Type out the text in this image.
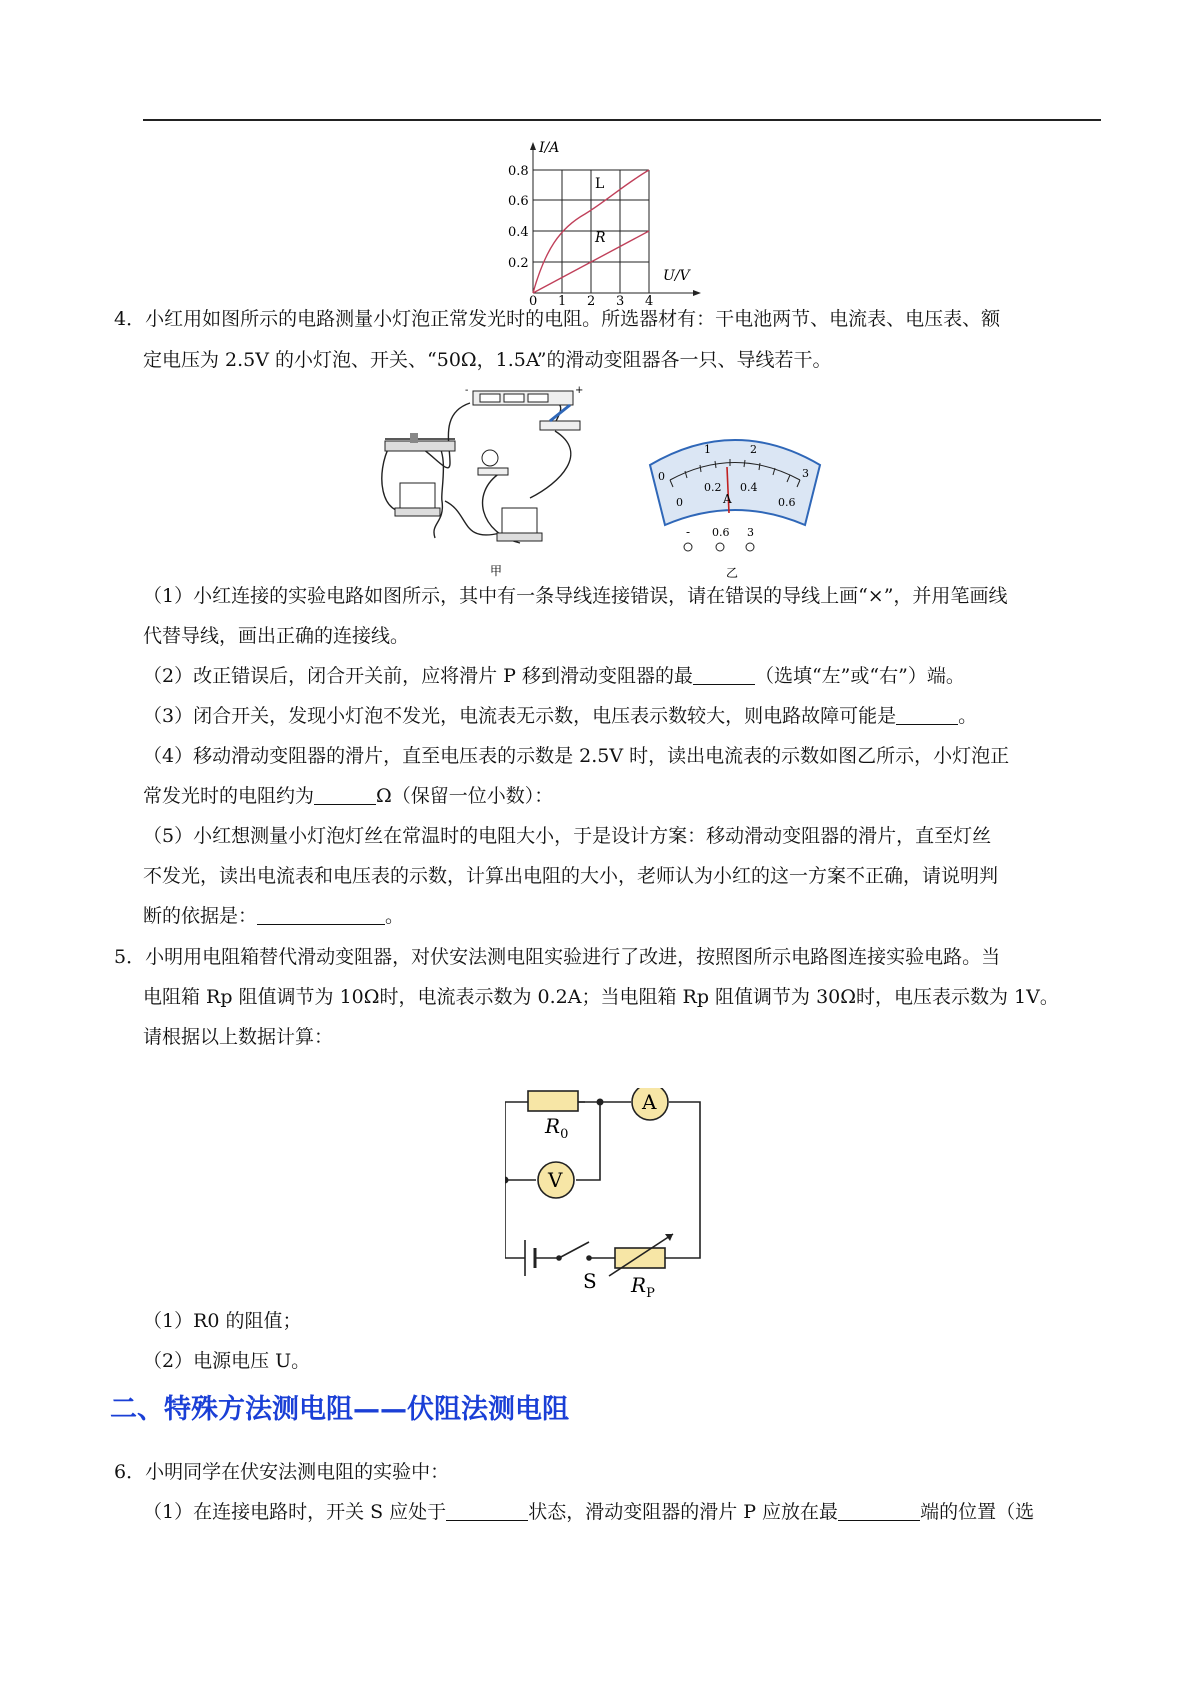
I/A
U/V
0.8
0.6
0.4
0.2
0 1 2 3 4
L
R
4．小红用如图所示的电路测量小灯泡正常发光时的电阻。所选器材有：干电池两节、电流表、电压表、额
定电压为 2.5V 的小灯泡、开关、“50Ω，1.5A”的滑动变阻器各一只、导线若干。
-	+
甲
0
1	2
3
0
0.2 0.4
0.6
A
- 0.6 3
乙
（1）小红连接的实验电路如图所示，其中有一条导线连接错误，请在错误的导线上画“×”，并用笔画线
代替导线，画出正确的连接线。
（2）改正错误后，闭合开关前，应将滑片 P 移到滑动变阻器的最	（选填“左”或“右”）端。
（3）闭合开关，发现小灯泡不发光，电流表无示数，电压表示数较大，则电路故障可能是	。
（4）移动滑动变阻器的滑片，直至电压表的示数是 2.5V 时，读出电流表的示数如图乙所示，小灯泡正
常发光时的电阻约为	Ω（保留一位小数）：
（5）小红想测量小灯泡灯丝在常温时的电阻大小，于是设计方案：移动滑动变阻器的滑片，直至灯丝
不发光，读出电流表和电压表的示数，计算出电阻的大小，老师认为小红的这一方案不正确，请说明判
断的依据是：	。
5．小明用电阻箱替代滑动变阻器，对伏安法测电阻实验进行了改进，按照图所示电路图连接实验电路。当
电阻箱 Rp 阻值调节为 10Ω时，电流表示数为 0.2A；当电阻箱 Rp 阻值调节为 30Ω时，电压表示数为 1V。
请根据以上数据计算：
A
V
$R_0$
S $R_P$
（1）R0 的阻值；
（2）电源电压 U。
二、特殊方法测电阻——伏阻法测电阻
6．小明同学在伏安法测电阻的实验中：
（1）在连接电路时，开关 S 应处于	状态，滑动变阻器的滑片 P 应放在最	端的位置（选
